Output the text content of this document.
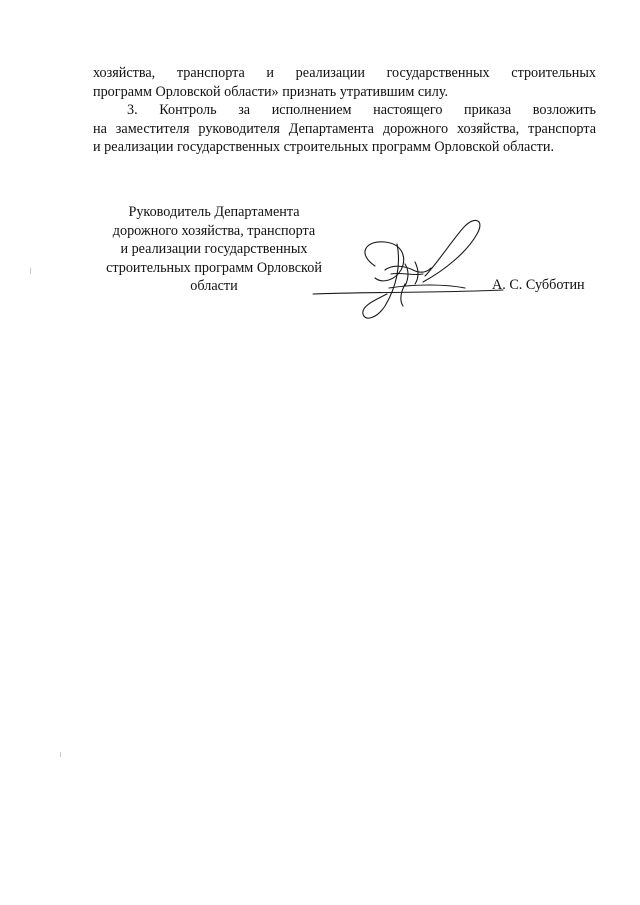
хозяйства, транспорта и реализации государственных строительных
программ Орловской области» признать утратившим силу.
3. Контроль за исполнением настоящего приказа возложить
на заместителя руководителя Департамента дорожного хозяйства, транспорта
и реализации государственных строительных программ Орловской области.
Руководитель Департамента
дорожного хозяйства, транспорта
и реализации государственных
строительных программ Орловской
области	А. С. Субботин
